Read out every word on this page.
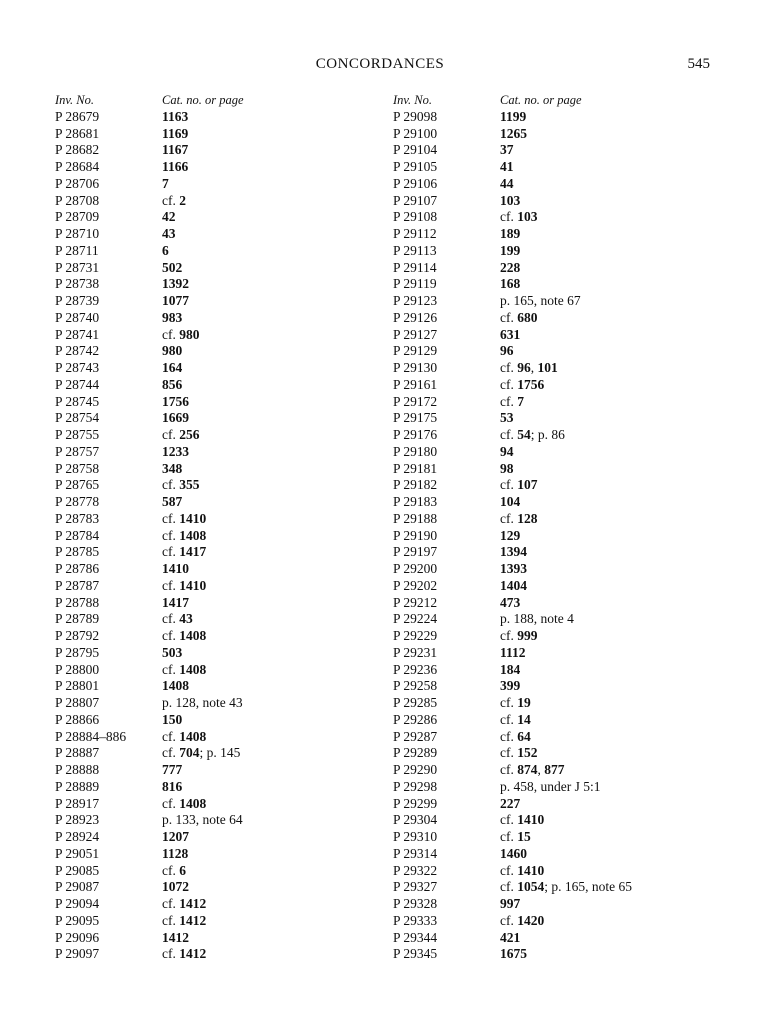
CONCORDANCES	545
Inv. No.	Cat. no. or page
P 28679	1163
P 28681	1169
P 28682	1167
P 28684	1166
P 28706	7
P 28708	cf. 2
P 28709	42
P 28710	43
P 28711	6
P 28731	502
P 28738	1392
P 28739	1077
P 28740	983
P 28741	cf. 980
P 28742	980
P 28743	164
P 28744	856
P 28745	1756
P 28754	1669
P 28755	cf. 256
P 28757	1233
P 28758	348
P 28765	cf. 355
P 28778	587
P 28783	cf. 1410
P 28784	cf. 1408
P 28785	cf. 1417
P 28786	1410
P 28787	cf. 1410
P 28788	1417
P 28789	cf. 43
P 28792	cf. 1408
P 28795	503
P 28800	cf. 1408
P 28801	1408
P 28807	p. 128, note 43
P 28866	150
P 28884–886	cf. 1408
P 28887	cf. 704; p. 145
P 28888	777
P 28889	816
P 28917	cf. 1408
P 28923	p. 133, note 64
P 28924	1207
P 29051	1128
P 29085	cf. 6
P 29087	1072
P 29094	cf. 1412
P 29095	cf. 1412
P 29096	1412
P 29097	cf. 1412
Inv. No.	Cat. no. or page
P 29098	1199
P 29100	1265
P 29104	37
P 29105	41
P 29106	44
P 29107	103
P 29108	cf. 103
P 29112	189
P 29113	199
P 29114	228
P 29119	168
P 29123	p. 165, note 67
P 29126	cf. 680
P 29127	631
P 29129	96
P 29130	cf. 96, 101
P 29161	cf. 1756
P 29172	cf. 7
P 29175	53
P 29176	cf. 54; p. 86
P 29180	94
P 29181	98
P 29182	cf. 107
P 29183	104
P 29188	cf. 128
P 29190	129
P 29197	1394
P 29200	1393
P 29202	1404
P 29212	473
P 29224	p. 188, note 4
P 29229	cf. 999
P 29231	1112
P 29236	184
P 29258	399
P 29285	cf. 19
P 29286	cf. 14
P 29287	cf. 64
P 29289	cf. 152
P 29290	cf. 874, 877
P 29298	p. 458, under J 5:1
P 29299	227
P 29304	cf. 1410
P 29310	cf. 15
P 29314	1460
P 29322	cf. 1410
P 29327	cf. 1054; p. 165, note 65
P 29328	997
P 29333	cf. 1420
P 29344	421
P 29345	1675
